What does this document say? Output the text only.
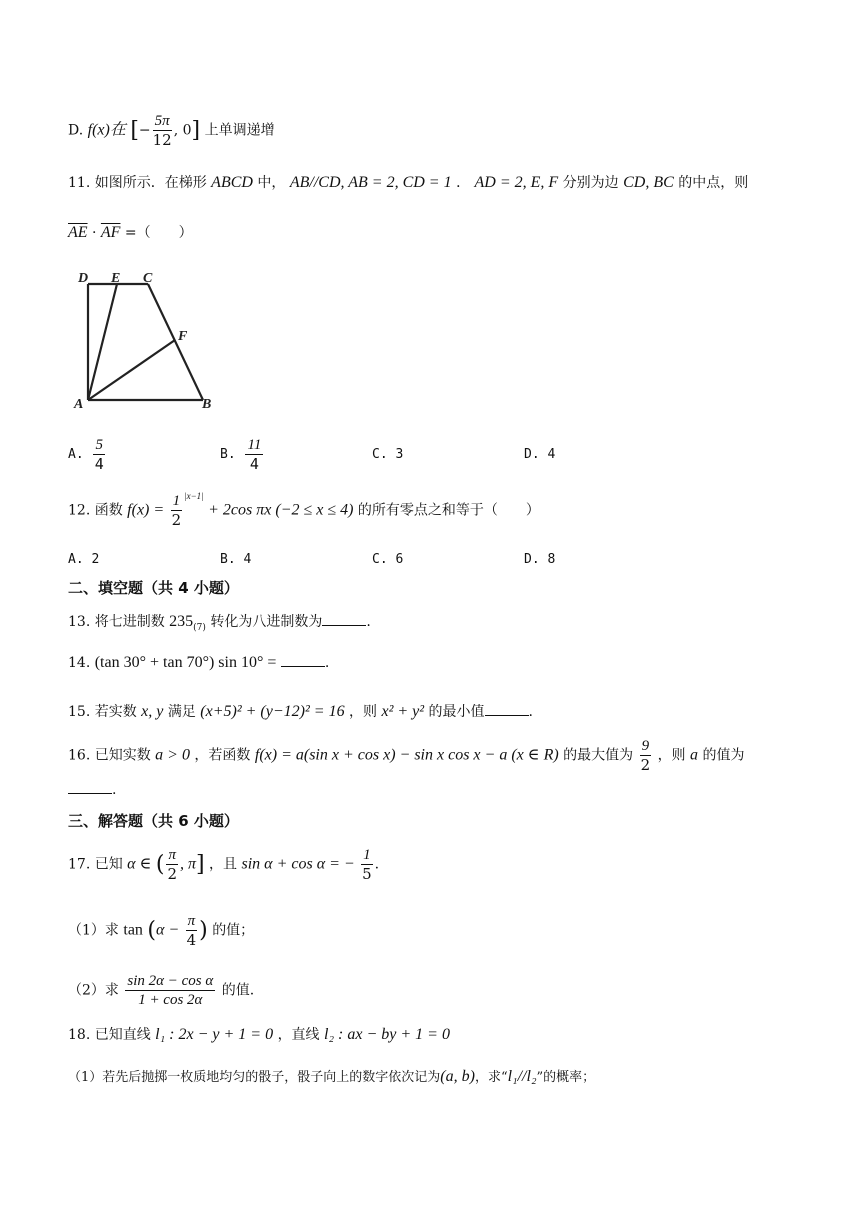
D. f(x)在 [− $\frac{5\pi}{12}$ , 0] 上单调递增
11. 如图所示．在梯形 ABCD 中， AB//CD, AB = 2, CD = 1 ． AD = 2, E, F 分别为边 CD, BC 的中点，则
$\overline{AE} \cdot \overline{AF}$ =（　　）
D E C
F
A	B
A. $\frac{5}{4}$	B. $\frac{11}{4}$	C. 3	D. 4
12. 函数 $f(x) = \frac{1}{2} ^{|x-1|} + 2\cos$ πx (−2 ≤ x ≤ 4) 的所有零点之和等于（　　）
A. 2	B. 4	C. 6	D. 8
二、填空题（共 4 小题）
13. 将七进制数 $235_{(7)}$ 转化为八进制数为	.
14. (tan 30° + tan 70°) sin 10° =	.
15. 若实数 x, y 满足 (x+5)² + (y−12)² = 16 ，则 x² + y² 的最小值	.
16. 已知实数 a > 0 ，若函数 f(x) = a(sin x + cos x) − sin x cos x − a (x ∈ R) 的最大值为 $\frac{9}{2}$ ，则 a 的值为
.
三、解答题（共 6 小题）
17. 已知 α ∈ ( $\frac{\pi}{2}$ , π] ，且 sin α + cos α = − $\frac{1}{5}$ .
（1）求 $\tan (\alpha - \frac{\pi}{4}$ ) 的值；
（2）求 $\frac{\text{sin 2α − cos α}}{1 + \cos 2\alpha}$ 的值.
18. 已知直线 l₁ : 2x − y + 1 = 0 ，直线 l₂ : ax − by + 1 = 0
（1）若先后抛掷一枚质地均匀的骰子，骰子向上的数字依次记为(a, b)，求“l₁//l₂”的概率；
